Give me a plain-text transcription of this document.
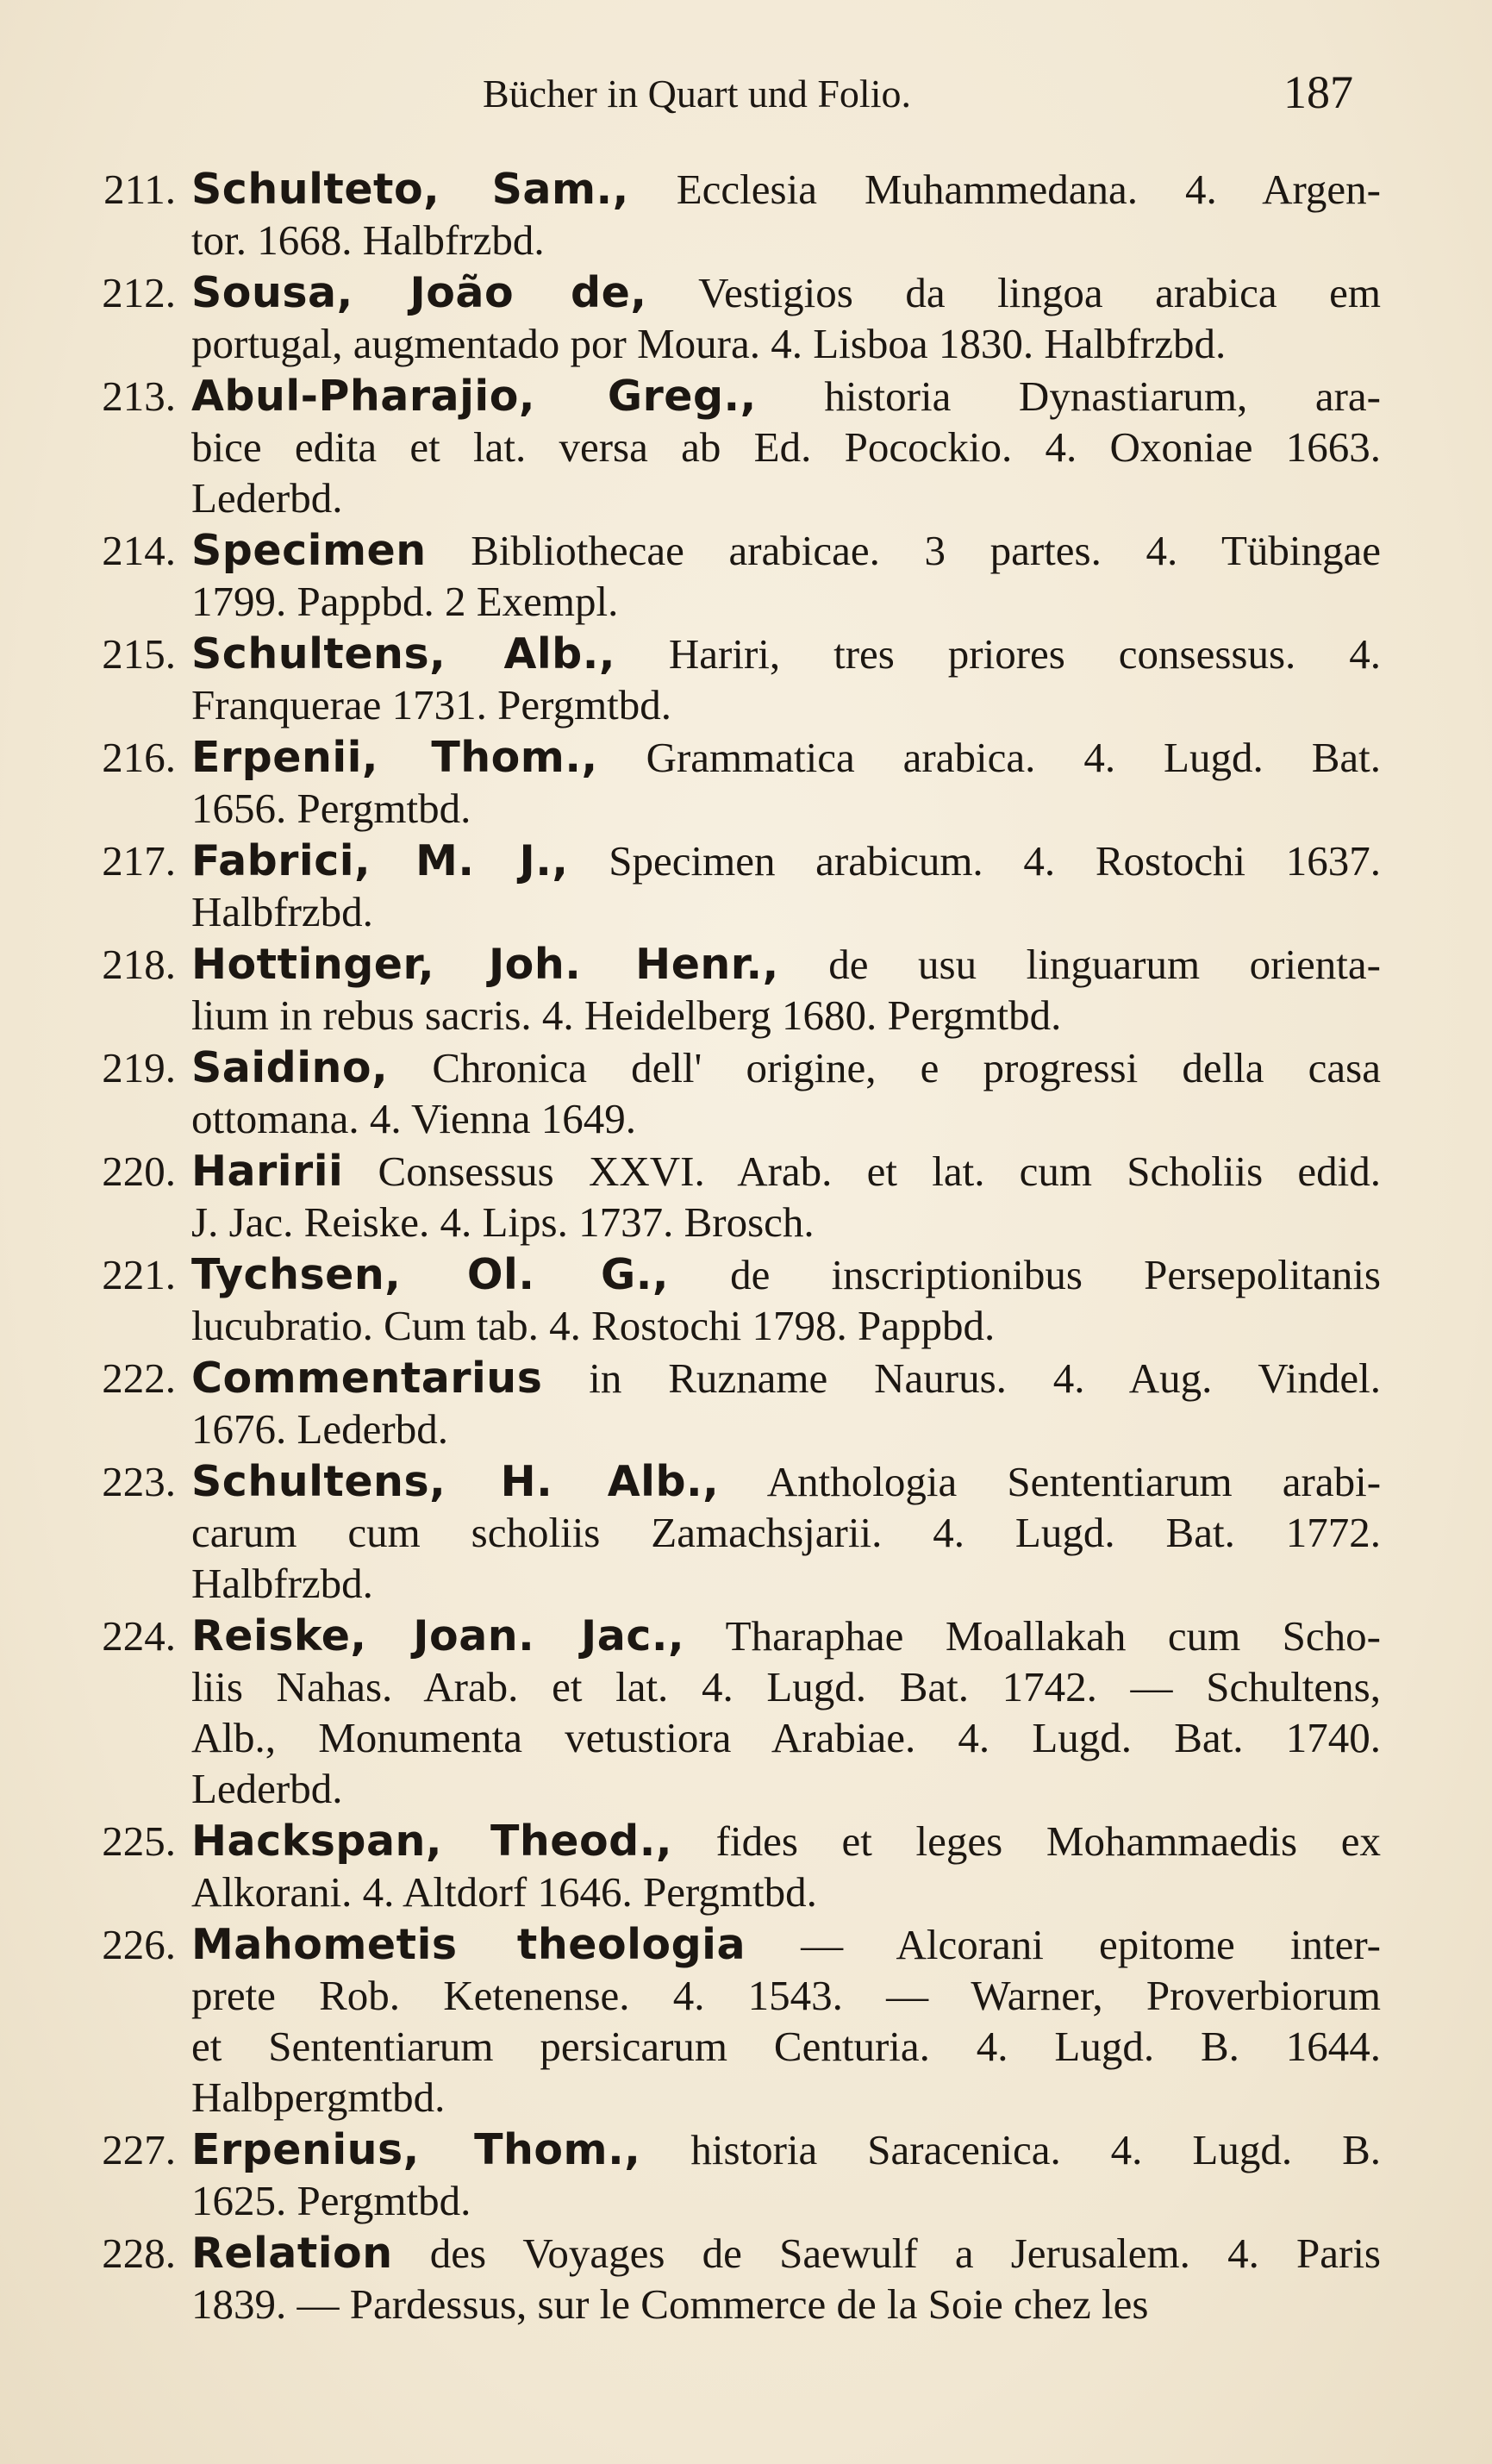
Bücher in Quart und Folio.	187
211. Schulteto, Sam., Ecclesia Muhammedana. 4. Argen-
tor. 1668. Halbfrzbd.
212. Sousa, João de, Vestigios da lingoa arabica em
portugal, augmentado por Moura. 4. Lisboa 1830. Halbfrzbd.
213. Abul-Pharajio, Greg., historia Dynastiarum, ara-
bice edita et lat. versa ab Ed. Pocockio. 4. Oxoniae 1663.
Lederbd.
214. Specimen Bibliothecae arabicae. 3 partes. 4. Tübingae
1799. Pappbd. 2 Exempl.
215. Schultens, Alb., Hariri, tres priores consessus. 4.
Franquerae 1731. Pergmtbd.
216. Erpenii, Thom., Grammatica arabica. 4. Lugd. Bat.
1656. Pergmtbd.
217. Fabrici, M. J., Specimen arabicum. 4. Rostochi 1637.
Halbfrzbd.
218. Hottinger, Joh. Henr., de usu linguarum orienta-
lium in rebus sacris. 4. Heidelberg 1680. Pergmtbd.
219. Saidino, Chronica dell' origine, e progressi della casa
ottomana. 4. Vienna 1649.
220. Haririi Consessus XXVI. Arab. et lat. cum Scholiis edid.
J. Jac. Reiske. 4. Lips. 1737. Brosch.
221. Tychsen, Ol. G., de inscriptionibus Persepolitanis
lucubratio. Cum tab. 4. Rostochi 1798. Pappbd.
222. Commentarius in Ruzname Naurus. 4. Aug. Vindel.
1676. Lederbd.
223. Schultens, H. Alb., Anthologia Sententiarum arabi-
carum cum scholiis Zamachsjarii. 4. Lugd. Bat. 1772.
Halbfrzbd.
224. Reiske, Joan. Jac., Tharaphae Moallakah cum Scho-
liis Nahas. Arab. et lat. 4. Lugd. Bat. 1742. — Schultens,
Alb., Monumenta vetustiora Arabiae. 4. Lugd. Bat. 1740.
Lederbd.
225. Hackspan, Theod., fides et leges Mohammaedis ex
Alkorani. 4. Altdorf 1646. Pergmtbd.
226. Mahometis theologia — Alcorani epitome inter-
prete Rob. Ketenense. 4. 1543. — Warner, Proverbiorum
et Sententiarum persicarum Centuria. 4. Lugd. B. 1644.
Halbpergmtbd.
227. Erpenius, Thom., historia Saracenica. 4. Lugd. B.
1625. Pergmtbd.
228. Relation des Voyages de Saewulf a Jerusalem. 4. Paris
1839. — Pardessus, sur le Commerce de la Soie chez les
